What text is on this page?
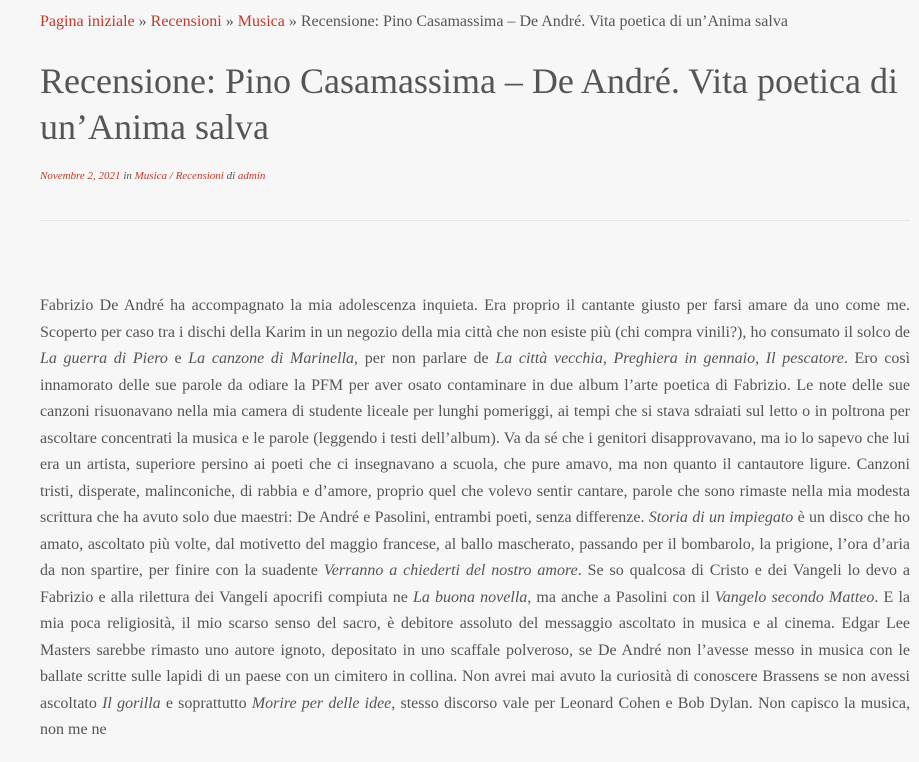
Pagina iniziale » Recensioni » Musica » Recensione: Pino Casamassima – De André. Vita poetica di un’Anima salva
Recensione: Pino Casamassima – De André. Vita poetica di un’Anima salva
Novembre 2, 2021 in Musica / Recensioni di admin

Fabrizio De André ha accompagnato la mia adolescenza inquieta. Era proprio il cantante giusto per farsi amare da uno come me. Scoperto per caso tra i dischi della Karim in un negozio della mia città che non esiste più (chi compra vinili?), ho consumato il solco de La guerra di Piero e La canzone di Marinella, per non parlare de La città vecchia, Preghiera in gennaio, Il pescatore. Ero così innamorato delle sue parole da odiare la PFM per aver osato contaminare in due album l’arte poetica di Fabrizio. Le note delle sue canzoni risuonavano nella mia camera di studente liceale per lunghi pomeriggi, ai tempi che si stava sdraiati sul letto o in poltrona per ascoltare concentrati la musica e le parole (leggendo i testi dell’album). Va da sé che i genitori disapprovavano, ma io lo sapevo che lui era un artista, superiore persino ai poeti che ci insegnavano a scuola, che pure amavo, ma non quanto il cantautore ligure. Canzoni tristi, disperate, malinconiche, di rabbia e d’amore, proprio quel che volevo sentir cantare, parole che sono rimaste nella mia modesta scrittura che ha avuto solo due maestri: De André e Pasolini, entrambi poeti, senza differenze. Storia di un impiegato è un disco che ho amato, ascoltato più volte, dal motivetto del maggio francese, al ballo mascherato, passando per il bombarolo, la prigione, l’ora d’aria da non spartire, per finire con la suadente Verranno a chiederti del nostro amore. Se so qualcosa di Cristo e dei Vangeli lo devo a Fabrizio e alla rilettura dei Vangeli apocrifi compiuta ne La buona novella, ma anche a Pasolini con il Vangelo secondo Matteo. E la mia poca religiosità, il mio scarso senso del sacro, è debitore assoluto del messaggio ascoltato in musica e al cinema. Edgar Lee Masters sarebbe rimasto uno autore ignoto, depositato in uno scaffale polveroso, se De André non l’avesse messo in musica con le ballate scritte sulle lapidi di un paese con un cimitero in collina. Non avrei mai avuto la curiosità di conoscere Brassens se non avessi ascoltato Il gorilla e soprattutto Morire per delle idee, stesso discorso vale per Leonard Cohen e Bob Dylan. Non capisco la musica, non me ne
